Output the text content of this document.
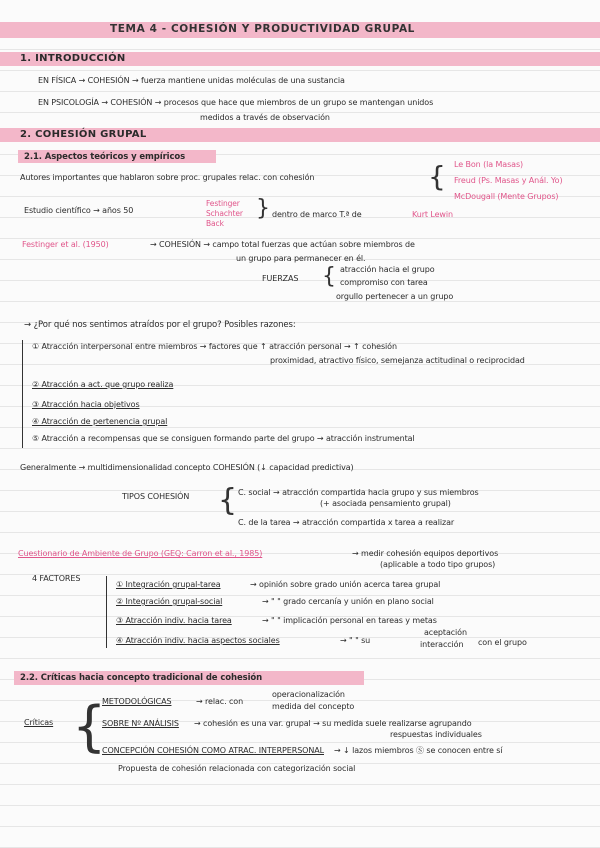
TEMA 4 - COHESIÓN Y PRODUCTIVIDAD GRUPAL
1. INTRODUCCIÓN
EN FÍSICA → COHESIÓN → fuerza mantiene unidas moléculas de una sustancia
EN PSICOLOGÍA → COHESIÓN → procesos que hace que miembros de un grupo se mantengan unidos
medidos a través de observación
2. COHESIÓN GRUPAL
2.1. Aspectos teóricos y empíricos
Autores importantes que hablaron sobre proc. grupales relac. con cohesión	{ Le Bon (la Masas)
Freud (Ps. Masas y Anál. Yo)
McDougall (Mente Grupos)
Estudio científico → años 50
Festinger Schachter Back
} dentro de marco T.ª de	Kurt Lewin
Festinger et al. (1950)	→ COHESIÓN → campo total fuerzas que actúan sobre miembros de
un grupo para permanecer en él.
FUERZAS { atracción hacia el grupo
compromiso con tarea
orgullo pertenecer a un grupo
→ ¿Por qué nos sentimos atraídos por el grupo? Posibles razones:
① Atracción interpersonal entre miembros → factores que ↑ atracción personal → ↑ cohesión
proximidad, atractivo físico, semejanza actitudinal o reciprocidad
② Atracción a act. que grupo realiza
③ Atracción hacia objetivos
④ Atracción de pertenencia grupal
⑤ Atracción a recompensas que se consiguen formando parte del grupo → atracción instrumental
Generalmente → multidimensionalidad concepto COHESIÓN (↓ capacidad predictiva)
TIPOS COHESIÓN { C. social → atracción compartida hacia grupo y sus miembros
(+ asociada pensamiento grupal)
C. de la tarea → atracción compartida x tarea a realizar
Cuestionario de Ambiente de Grupo (GEQ: Carron et al., 1985)	→ medir cohesión equipos deportivos
(aplicable a todo tipo grupos)
4 FACTORES
① Integración grupal-tarea	→ opinión sobre grado unión acerca tarea grupal
② Integración grupal-social	→ " " grado cercanía y unión en plano social
③ Atracción indiv. hacia tarea	→ " " implicación personal en tareas y metas
④ Atracción indiv. hacia aspectos sociales	→ " " su
aceptación
interacción con el grupo
2.2. Críticas hacia concepto tradicional de cohesión
Críticas {
METODOLÓGICAS	→ relac. con
operacionalización
medida del concepto
SOBRE Nº ANÁLISIS → cohesión es una var. grupal → su medida suele realizarse agrupando
respuestas individuales
CONCEPCIÓN COHESIÓN COMO ATRAC. INTERPERSONAL → ↓ lazos miembros Ⓢ se conocen entre sí
Propuesta de cohesión relacionada con categorización social
